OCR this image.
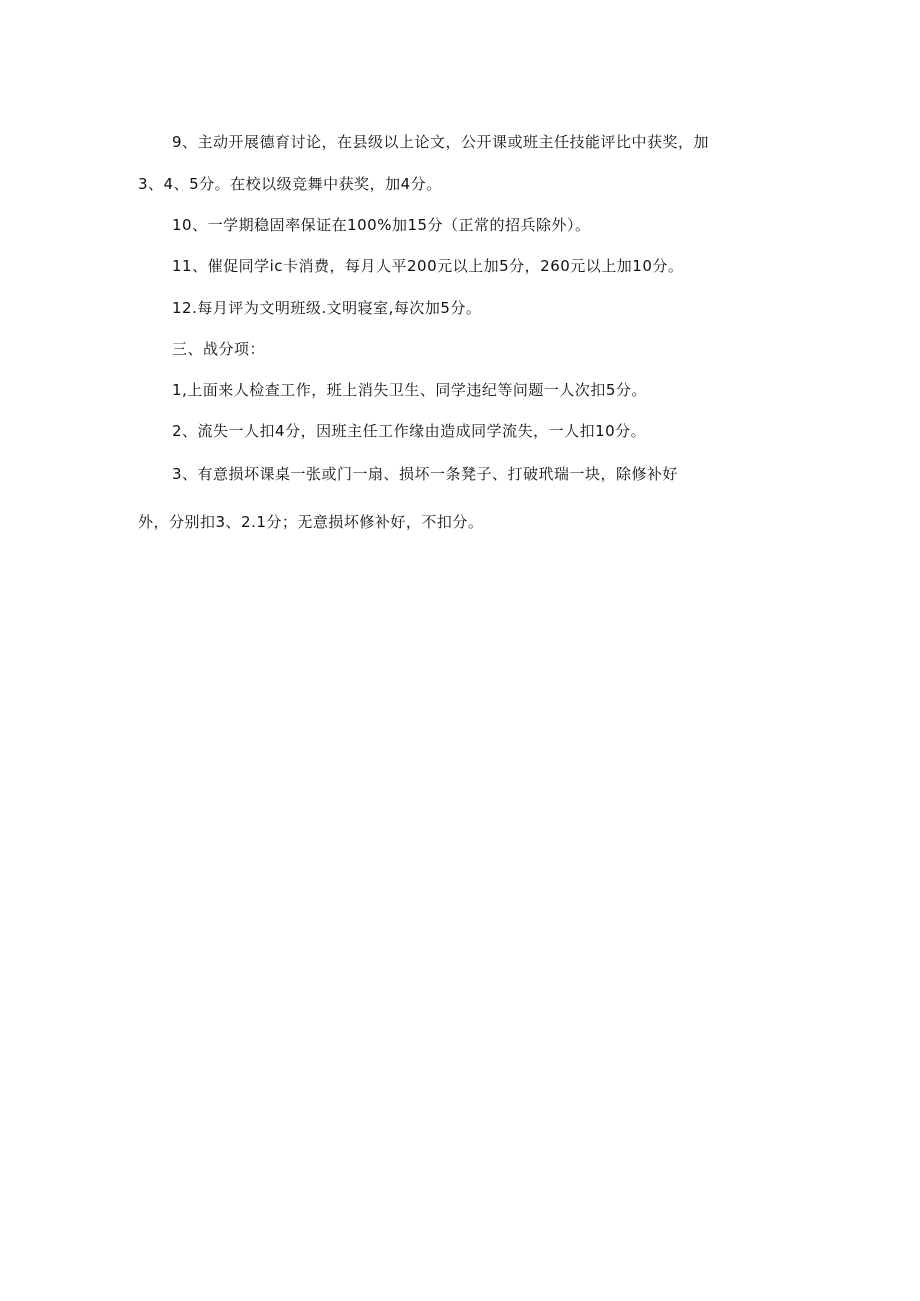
9、主动开展德育讨论，在县级以上论文，公开课或班主任技能评比中获奖，加
3、4、5分。在校以级竞舞中获奖，加4分。
10、一学期稳固率保证在100%加15分（正常的招兵除外）。
11、催促同学ic卡消费，每月人平200元以上加5分，260元以上加10分。
12.每月评为文明班级.文明寝室,每次加5分。
三、战分项：
1,上面来人检查工作，班上消失卫生、同学违纪等问题一人次扣5分。
2、流失一人扣4分，因班主任工作缘由造成同学流失，一人扣10分。
3、有意损坏课桌一张或门一扇、损坏一条凳子、打破玳瑞一块，除修补好
外，分别扣3、2.1分；无意损坏修补好，不扣分。
